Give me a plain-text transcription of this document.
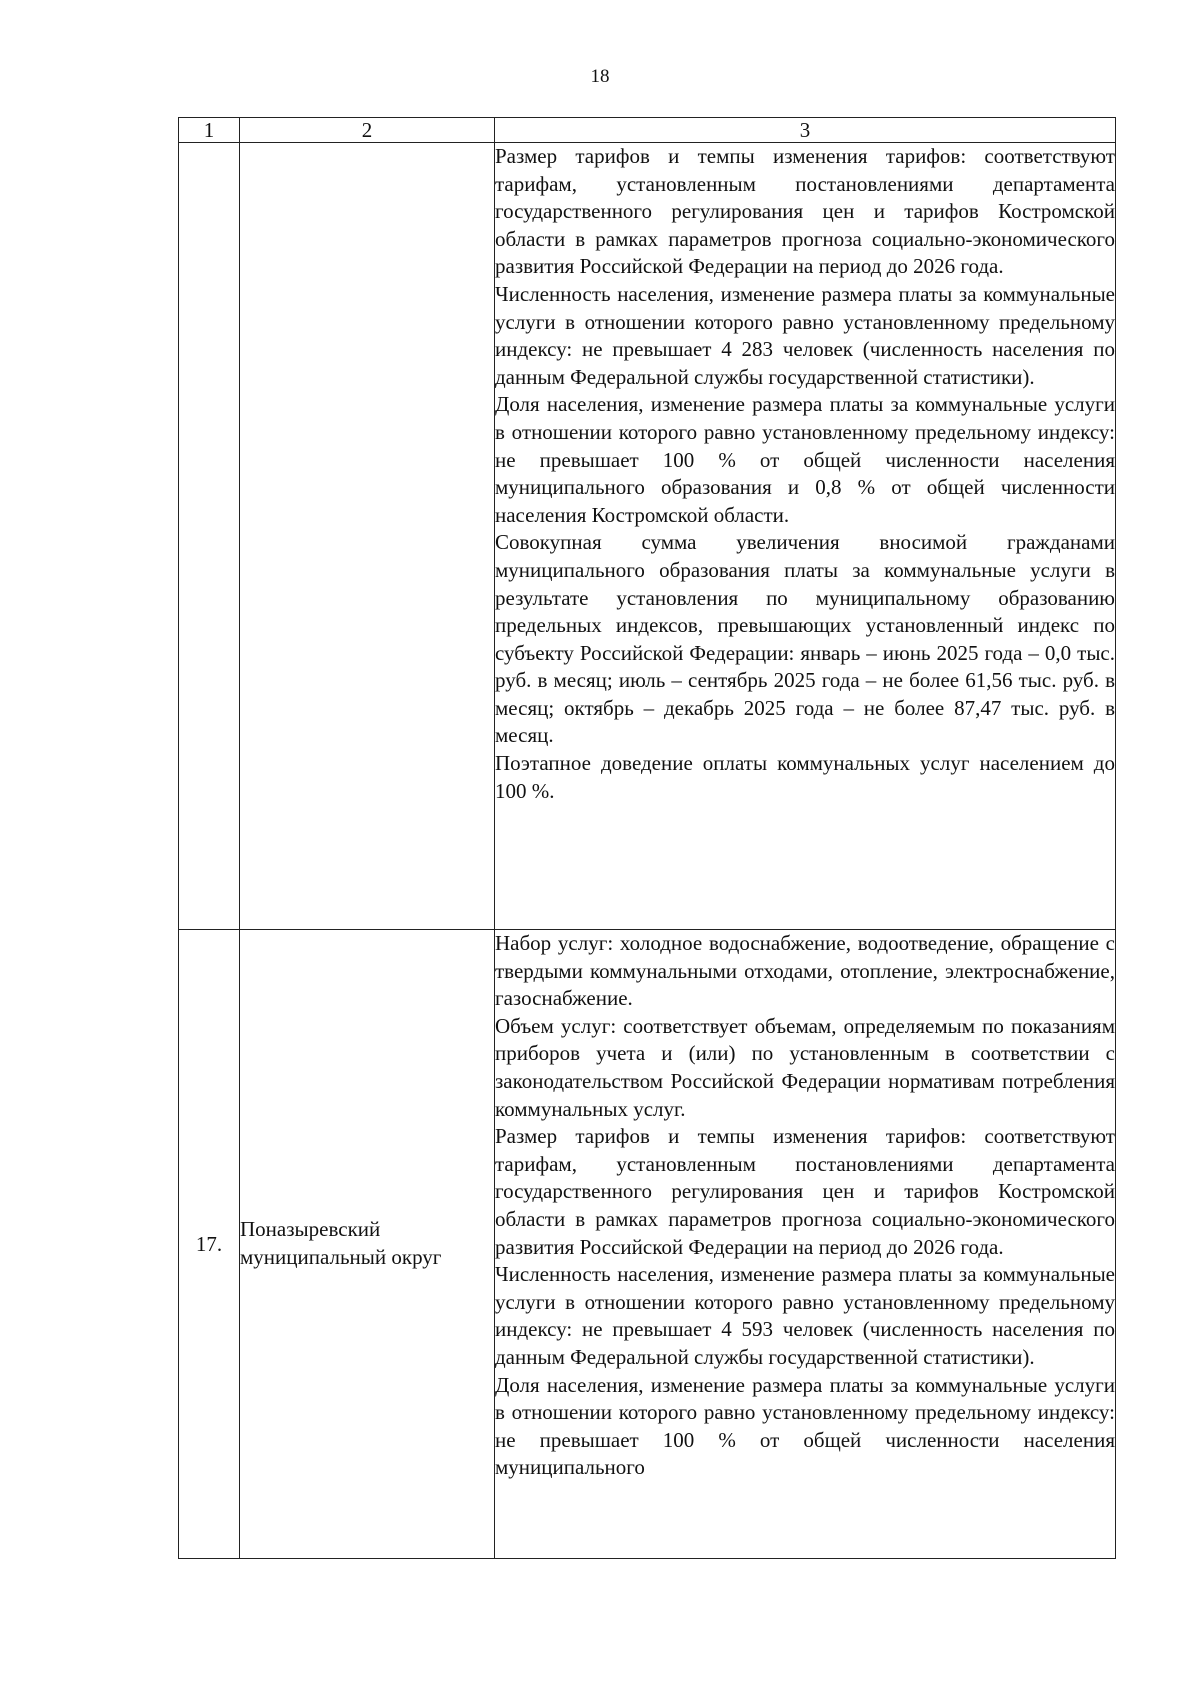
18
1	2	3

		Размер тарифов и темпы изменения тарифов: соответствуют тарифам, установленным постановлениями департамента государственного регулирования цен и тарифов Костромской области в рамках параметров прогноза социально-экономического развития Российской Федерации на период до 2026 года.

Численность населения, изменение размера платы за коммунальные услуги в отношении которого равно установленному предельному индексу: не превышает 4 283 человек (численность населения по данным Федеральной службы государственной статистики).

Доля населения, изменение размера платы за коммунальные услуги в отношении которого равно установленному предельному индексу: не превышает 100 % от общей численности населения муниципального образования и 0,8 % от общей численности населения Костромской области.

Совокупная сумма увеличения вносимой гражданами муниципального образования платы за коммунальные услуги в результате установления по муниципальному образованию предельных индексов, превышающих установленный индекс по субъекту Российской Федерации: январь – июнь 2025 года – 0,0 тыс. руб. в месяц; июль – сентябрь 2025 года – не более 61,56 тыс. руб. в месяц; октябрь – декабрь 2025 года – не более 87,47 тыс. руб. в месяц.

Поэтапное доведение оплаты коммунальных услуг населением до 100 %.

17.	Поназыревский муниципальный округ	Набор услуг: холодное водоснабжение, водоотведение, обращение с твердыми коммунальными отходами, отопление, электроснабжение, газоснабжение.

Объем услуг: соответствует объемам, определяемым по показаниям приборов учета и (или) по установленным в соответствии с законодательством Российской Федерации нормативам потребления коммунальных услуг.

Размер тарифов и темпы изменения тарифов: соответствуют тарифам, установленным постановлениями департамента государственного регулирования цен и тарифов Костромской области в рамках параметров прогноза социально-экономического развития Российской Федерации на период до 2026 года.

Численность населения, изменение размера платы за коммунальные услуги в отношении которого равно установленному предельному индексу: не превышает 4 593 человек (численность населения по данным Федеральной службы государственной статистики).

Доля населения, изменение размера платы за коммунальные услуги в отношении которого равно установленному предельному индексу: не превышает 100 % от общей численности населения муниципального
